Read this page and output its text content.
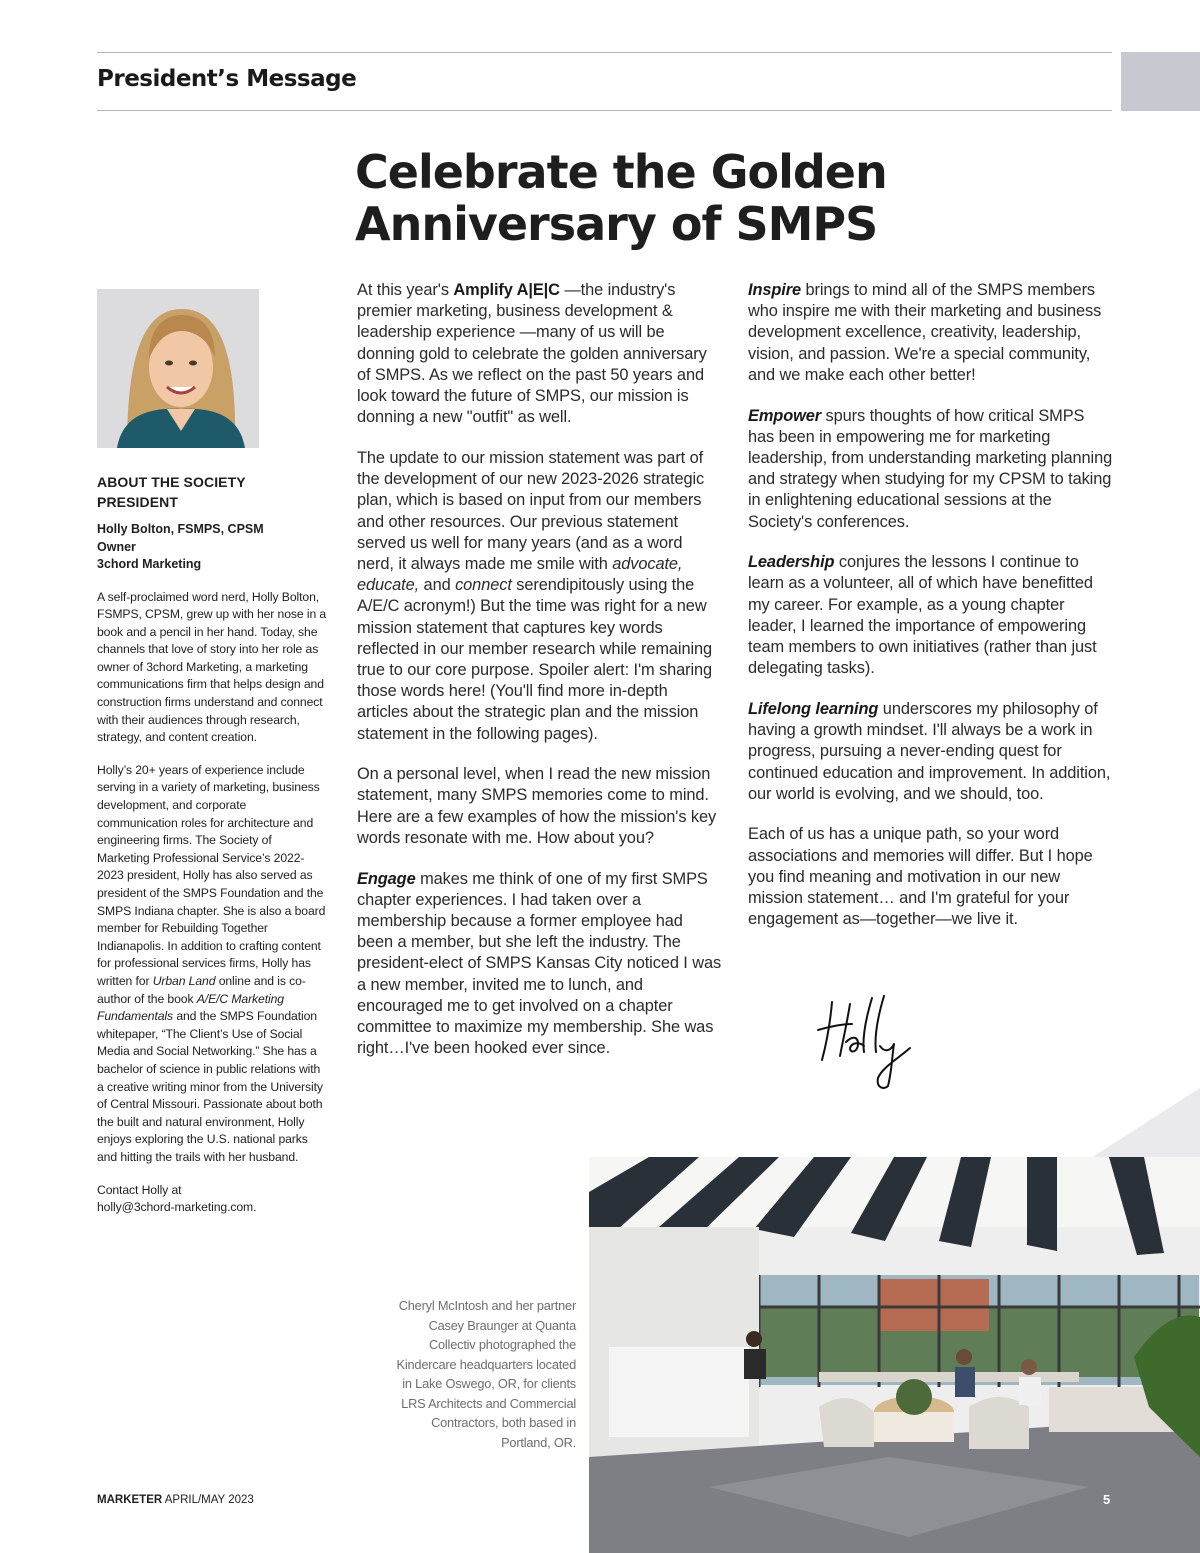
President’s Message
Celebrate the Golden
Anniversary of SMPS
ABOUT THE SOCIETY
PRESIDENT
Holly Bolton, FSMPS, CPSM
Owner
3chord Marketing

A self-proclaimed word nerd, Holly Bolton, FSMPS, CPSM, grew up with her nose in a book and a pencil in her hand. Today, she channels that love of story into her role as owner of 3chord Marketing, a marketing communications firm that helps design and construction firms understand and connect with their audiences through research, strategy, and content creation.

Holly’s 20+ years of experience include serving in a variety of marketing, business development, and corporate communication roles for architecture and engineering firms. The Society of Marketing Professional Service’s 2022-2023 president, Holly has also served as president of the SMPS Foundation and the SMPS Indiana chapter. She is also a board member for Rebuilding Together Indianapolis. In addition to crafting content for professional services firms, Holly has written for Urban Land online and is co-author of the book A/E/C Marketing Fundamentals and the SMPS Foundation whitepaper, “The Client’s Use of Social Media and Social Networking.” She has a bachelor of science in public relations with a creative writing minor from the University of Central Missouri. Passionate about both the built and natural environment, Holly enjoys exploring the U.S. national parks and hitting the trails with her husband.

Contact Holly at
holly@3chord-marketing.com.

At this year's Amplify A|E|C —the industry's premier marketing, business development & leadership experience —many of us will be donning gold to celebrate the golden anniversary of SMPS. As we reflect on the past 50 years and look toward the future of SMPS, our mission is donning a new "outfit" as well.

The update to our mission statement was part of the development of our new 2023-2026 strategic plan, which is based on input from our members and other resources. Our previous statement served us well for many years (and as a word nerd, it always made me smile with advocate, educate, and connect serendipitously using the A/E/C acronym!) But the time was right for a new mission statement that captures key words reflected in our member research while remaining true to our core purpose. Spoiler alert: I'm sharing those words here! (You'll find more in-depth articles about the strategic plan and the mission statement in the following pages).

On a personal level, when I read the new mission statement, many SMPS memories come to mind. Here are a few examples of how the mission's key words resonate with me. How about you?

Engage makes me think of one of my first SMPS chapter experiences. I had taken over a membership because a former employee had been a member, but she left the industry. The president-elect of SMPS Kansas City noticed I was a new member, invited me to lunch, and encouraged me to get involved on a chapter committee to maximize my membership. She was right…I've been hooked ever since.

Inspire brings to mind all of the SMPS members who inspire me with their marketing and business development excellence, creativity, leadership, vision, and passion. We're a special community, and we make each other better!

Empower spurs thoughts of how critical SMPS has been in empowering me for marketing leadership, from understanding marketing planning and strategy when studying for my CPSM to taking in enlightening educational sessions at the Society's conferences.

Leadership conjures the lessons I continue to learn as a volunteer, all of which have benefitted my career. For example, as a young chapter leader, I learned the importance of empowering team members to own initiatives (rather than just delegating tasks).

Lifelong learning underscores my philosophy of having a growth mindset. I'll always be a work in progress, pursuing a never-ending quest for continued education and improvement. In addition, our world is evolving, and we should, too.

Each of us has a unique path, so your word associations and memories will differ. But I hope you find meaning and motivation in our new mission statement… and I'm grateful for your engagement as—together—we live it.

Cheryl McIntosh and her partner Casey Braunger at Quanta Collectiv photographed the Kindercare headquarters located in Lake Oswego, OR, for clients LRS Architects and Commercial Contractors, both based in Portland, OR.
MARKETER APRIL/MAY 2023	5
